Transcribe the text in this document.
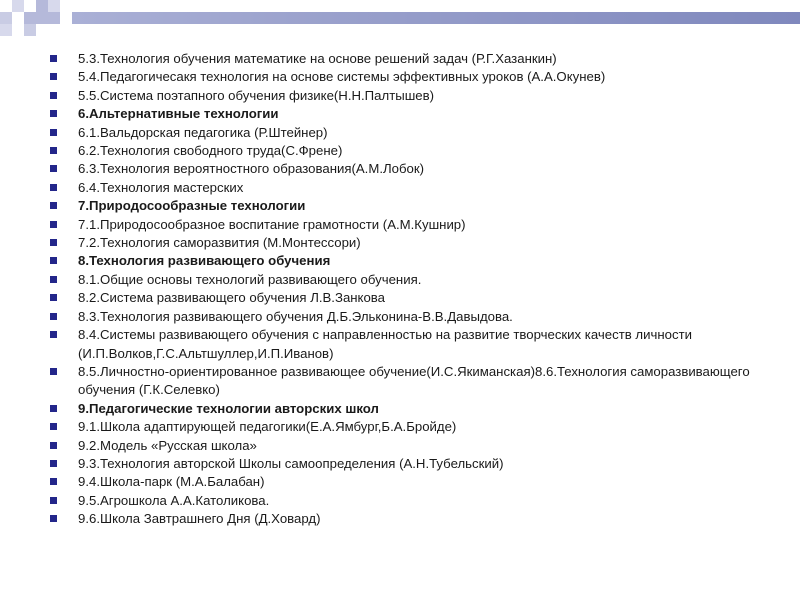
5.3.Технология обучения математике на основе решений задач (Р.Г.Хазанкин)
5.4.Педагогичесакя технология на основе системы эффективных уроков (А.А.Окунев)
5.5.Система поэтапного обучения физике(Н.Н.Палтышев)
6.Альтернативные технологии
6.1.Вальдорская педагогика (Р.Штейнер)
6.2.Технология свободного труда(С.Френе)
6.3.Технология вероятностного образования(А.М.Лобок)
6.4.Технология мастерских
7.Природосообразные технологии
7.1.Природосообразное воспитание грамотности (А.М.Кушнир)
7.2.Технология саморазвития (М.Монтессори)
8.Технология развивающего обучения
8.1.Общие основы технологий развивающего обучения.
8.2.Система развивающего обучения Л.В.Занкова
8.3.Технология развивающего обучения Д.Б.Эльконина-В.В.Давыдова.
8.4.Системы развивающего обучения с направленностью на развитие творческих качеств личности (И.П.Волков,Г.С.Альтшуллер,И.П.Иванов)
8.5.Личностно-ориентированное развивающее обучение(И.С.Якиманская)8.6.Технология саморазвивающего обучения (Г.К.Селевко)
9.Педагогические технологии авторских школ
9.1.Школа адаптирующей педагогики(Е.А.Ямбург,Б.А.Бройде)
9.2.Модель «Русская школа»
9.3.Технология авторской Школы самоопределения (А.Н.Тубельский)
9.4.Школа-парк (М.А.Балабан)
9.5.Агрошкола А.А.Католикова.
9.6.Школа Завтрашнего Дня (Д.Ховард)
